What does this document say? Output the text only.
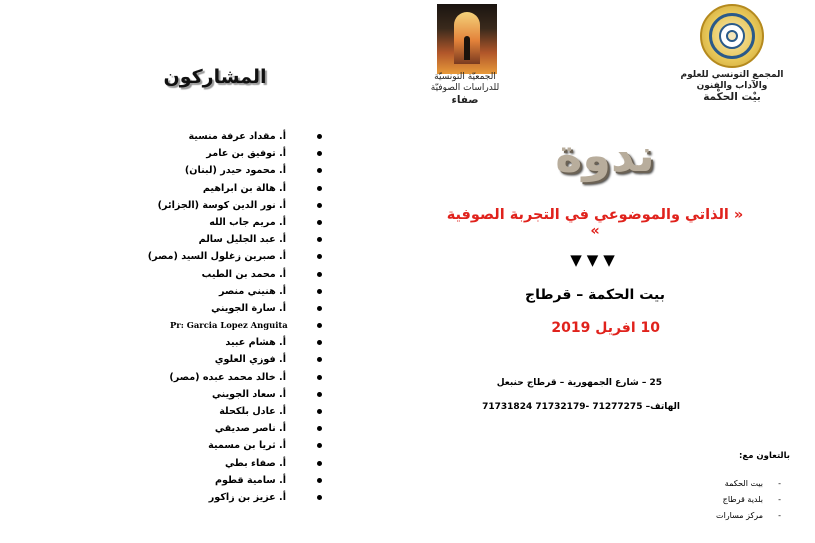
المجمع التونسي للعلوم
والآداب والفنون
بيْت الحكْمة
الجمعيّة التونسيّة
للدراسات الصوفيّة
صفاء
المشاركون
أ. مقداد عرفة منسية
أ. توفيق بن عامر
أ. محمود حيدر (لبنان)
أ. هالة بن ابراهيم
أ. نور الدين كوسة (الجزائر)
أ. مريم جاب الله
أ. عبد الجليل سالم
أ. صبرين زغلول السيد (مصر)
أ. محمد بن الطيب
أ. هنيني منصر
أ. سارة الجويني
Pr: Garcia Lopez Anguita
أ. هشام عبيد
أ. فوزي العلوي
أ. خالد محمد عبده (مصر)
أ. سعاد الجويني
أ. عادل بلكحلة
أ. ناصر صديقي
أ. ثريا بن مسمية
أ. صفاء بطي
أ. سامية قطوم
أ. عزيز بن زاكور
ندوة
« الذاتي والموضوعي في التجربة الصوفية »
▼▼▼
بيت الحكمة – قرطاج
10 افريل 2019
25 – شارع الجمهورية – قرطاج حنبعل
الهاتف– 71277275 -71732179 71731824
بالتعاون مع:
-
بيت الحكمة
-
بلدية قرطاج
-
مركز مسارات
